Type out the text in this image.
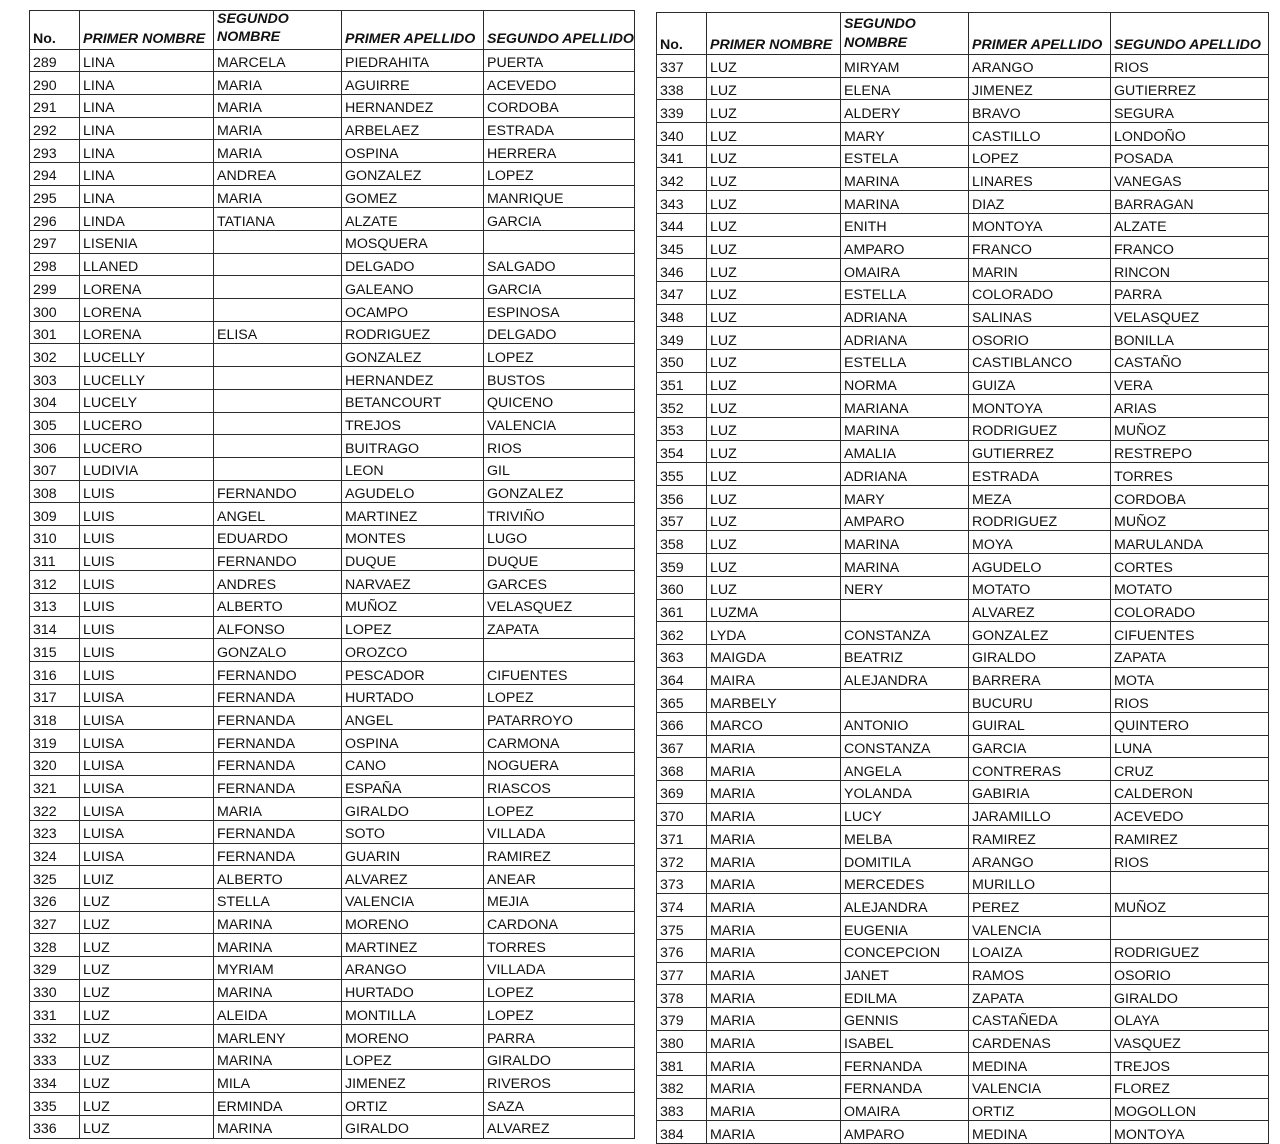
No.	PRIMER NOMBRE	SEGUNDO NOMBRE	PRIMER APELLIDO	SEGUNDO APELLIDO
289	LINA	MARCELA	PIEDRAHITA	PUERTA
290	LINA	MARIA	AGUIRRE	ACEVEDO
291	LINA	MARIA	HERNANDEZ	CORDOBA
292	LINA	MARIA	ARBELAEZ	ESTRADA
293	LINA	MARIA	OSPINA	HERRERA
294	LINA	ANDREA	GONZALEZ	LOPEZ
295	LINA	MARIA	GOMEZ	MANRIQUE
296	LINDA	TATIANA	ALZATE	GARCIA
297	LISENIA		MOSQUERA	
298	LLANED		DELGADO	SALGADO
299	LORENA		GALEANO	GARCIA
300	LORENA		OCAMPO	ESPINOSA
301	LORENA	ELISA	RODRIGUEZ	DELGADO
302	LUCELLY		GONZALEZ	LOPEZ
303	LUCELLY		HERNANDEZ	BUSTOS
304	LUCELY		BETANCOURT	QUICENO
305	LUCERO		TREJOS	VALENCIA
306	LUCERO		BUITRAGO	RIOS
307	LUDIVIA		LEON	GIL
308	LUIS	FERNANDO	AGUDELO	GONZALEZ
309	LUIS	ANGEL	MARTINEZ	TRIVIÑO
310	LUIS	EDUARDO	MONTES	LUGO
311	LUIS	FERNANDO	DUQUE	DUQUE
312	LUIS	ANDRES	NARVAEZ	GARCES
313	LUIS	ALBERTO	MUÑOZ	VELASQUEZ
314	LUIS	ALFONSO	LOPEZ	ZAPATA
315	LUIS	GONZALO	OROZCO	
316	LUIS	FERNANDO	PESCADOR	CIFUENTES
317	LUISA	FERNANDA	HURTADO	LOPEZ
318	LUISA	FERNANDA	ANGEL	PATARROYO
319	LUISA	FERNANDA	OSPINA	CARMONA
320	LUISA	FERNANDA	CANO	NOGUERA
321	LUISA	FERNANDA	ESPAÑA	RIASCOS
322	LUISA	MARIA	GIRALDO	LOPEZ
323	LUISA	FERNANDA	SOTO	VILLADA
324	LUISA	FERNANDA	GUARIN	RAMIREZ
325	LUIZ	ALBERTO	ALVAREZ	ANEAR
326	LUZ	STELLA	VALENCIA	MEJIA
327	LUZ	MARINA	MORENO	CARDONA
328	LUZ	MARINA	MARTINEZ	TORRES
329	LUZ	MYRIAM	ARANGO	VILLADA
330	LUZ	MARINA	HURTADO	LOPEZ
331	LUZ	ALEIDA	MONTILLA	LOPEZ
332	LUZ	MARLENY	MORENO	PARRA
333	LUZ	MARINA	LOPEZ	GIRALDO
334	LUZ	MILA	JIMENEZ	RIVEROS
335	LUZ	ERMINDA	ORTIZ	SAZA
336	LUZ	MARINA	GIRALDO	ALVAREZ
No.	PRIMER NOMBRE	SEGUNDO NOMBRE	PRIMER APELLIDO	SEGUNDO APELLIDO
337	LUZ	MIRYAM	ARANGO	RIOS
338	LUZ	ELENA	JIMENEZ	GUTIERREZ
339	LUZ	ALDERY	BRAVO	SEGURA
340	LUZ	MARY	CASTILLO	LONDOÑO
341	LUZ	ESTELA	LOPEZ	POSADA
342	LUZ	MARINA	LINARES	VANEGAS
343	LUZ	MARINA	DIAZ	BARRAGAN
344	LUZ	ENITH	MONTOYA	ALZATE
345	LUZ	AMPARO	FRANCO	FRANCO
346	LUZ	OMAIRA	MARIN	RINCON
347	LUZ	ESTELLA	COLORADO	PARRA
348	LUZ	ADRIANA	SALINAS	VELASQUEZ
349	LUZ	ADRIANA	OSORIO	BONILLA
350	LUZ	ESTELLA	CASTIBLANCO	CASTAÑO
351	LUZ	NORMA	GUIZA	VERA
352	LUZ	MARIANA	MONTOYA	ARIAS
353	LUZ	MARINA	RODRIGUEZ	MUÑOZ
354	LUZ	AMALIA	GUTIERREZ	RESTREPO
355	LUZ	ADRIANA	ESTRADA	TORRES
356	LUZ	MARY	MEZA	CORDOBA
357	LUZ	AMPARO	RODRIGUEZ	MUÑOZ
358	LUZ	MARINA	MOYA	MARULANDA
359	LUZ	MARINA	AGUDELO	CORTES
360	LUZ	NERY	MOTATO	MOTATO
361	LUZMA		ALVAREZ	COLORADO
362	LYDA	CONSTANZA	GONZALEZ	CIFUENTES
363	MAIGDA	BEATRIZ	GIRALDO	ZAPATA
364	MAIRA	ALEJANDRA	BARRERA	MOTA
365	MARBELY		BUCURU	RIOS
366	MARCO	ANTONIO	GUIRAL	QUINTERO
367	MARIA	CONSTANZA	GARCIA	LUNA
368	MARIA	ANGELA	CONTRERAS	CRUZ
369	MARIA	YOLANDA	GABIRIA	CALDERON
370	MARIA	LUCY	JARAMILLO	ACEVEDO
371	MARIA	MELBA	RAMIREZ	RAMIREZ
372	MARIA	DOMITILA	ARANGO	RIOS
373	MARIA	MERCEDES	MURILLO	
374	MARIA	ALEJANDRA	PEREZ	MUÑOZ
375	MARIA	EUGENIA	VALENCIA	
376	MARIA	CONCEPCION	LOAIZA	RODRIGUEZ
377	MARIA	JANET	RAMOS	OSORIO
378	MARIA	EDILMA	ZAPATA	GIRALDO
379	MARIA	GENNIS	CASTAÑEDA	OLAYA
380	MARIA	ISABEL	CARDENAS	VASQUEZ
381	MARIA	FERNANDA	MEDINA	TREJOS
382	MARIA	FERNANDA	VALENCIA	FLOREZ
383	MARIA	OMAIRA	ORTIZ	MOGOLLON
384	MARIA	AMPARO	MEDINA	MONTOYA
